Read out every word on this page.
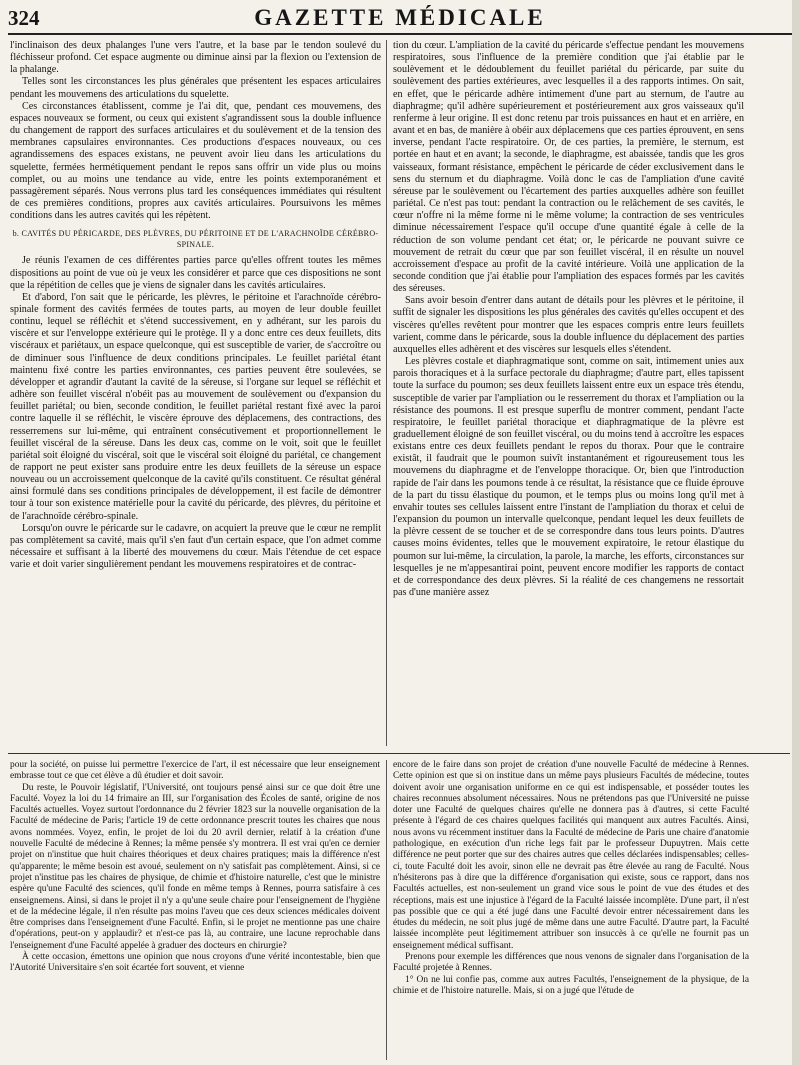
324	GAZETTE MÉDICALE

l'inclinaison des deux phalanges l'une vers l'autre, et la base par le tendon soulevé du fléchisseur profond. Cet espace augmente ou diminue ainsi par la flexion ou l'extension de la phalange.

Telles sont les circonstances les plus générales que présentent les espaces articulaires pendant les mouvemens des articulations du squelette.

Ces circonstances établissent, comme je l'ai dit, que, pendant ces mouvemens, des espaces nouveaux se forment, ou ceux qui existent s'agrandissent sous la double influence du changement de rapport des surfaces articulaires et du soulèvement et de la tension des membranes capsulaires environnantes. Ces productions d'espaces nouveaux, ou ces agrandissemens des espaces existans, ne peuvent avoir lieu dans les articulations du squelette, fermées hermétiquement pendant le repos sans offrir un vide plus ou moins complet, ou au moins une tendance au vide, entre les points extemporanément et passagèrement séparés. Nous verrons plus tard les conséquences immédiates qui résultent de ces premières conditions, propres aux cavités articulaires. Poursuivons les mêmes conditions dans les autres cavités qui les répètent.

b. CAVITÉS DU PÉRICARDE, DES PLÈVRES, DU PÉRITOINE ET DE L'ARACHNOÏDE CÉRÉBRO-SPINALE.

Je réunis l'examen de ces différentes parties parce qu'elles offrent toutes les mêmes dispositions au point de vue où je veux les considérer et parce que ces dispositions ne sont que la répétition de celles que je viens de signaler dans les cavités articulaires.

Et d'abord, l'on sait que le péricarde, les plèvres, le péritoine et l'arachnoïde cérébro-spinale forment des cavités fermées de toutes parts, au moyen de leur double feuillet continu, lequel se réfléchit et s'étend successivement, en y adhérant, sur les parois du viscère et sur l'enveloppe extérieure qui le protège. Il y a donc entre ces deux feuillets, dits viscéraux et pariétaux, un espace quelconque, qui est susceptible de varier, de s'accroître ou de diminuer sous l'influence de deux conditions principales. Le feuillet pariétal étant maintenu fixé contre les parties environnantes, ces parties peuvent être soulevées, se développer et agrandir d'autant la cavité de la séreuse, si l'organe sur lequel se réfléchit et adhère son feuillet viscéral n'obéit pas au mouvement de soulèvement ou d'expansion du feuillet pariétal; ou bien, seconde condition, le feuillet pariétal restant fixé avec la paroi contre laquelle il se réfléchit, le viscère éprouve des déplacemens, des contractions, des resserremens sur lui-même, qui entraînent consécutivement et proportionnellement le feuillet viscéral de la séreuse. Dans les deux cas, comme on le voit, soit que le feuillet pariétal soit éloigné du viscéral, soit que le viscéral soit éloigné du pariétal, ce changement de rapport ne peut exister sans produire entre les deux feuillets de la séreuse un espace nouveau ou un accroissement quelconque de la cavité qu'ils constituent. Ce résultat général ainsi formulé dans ses conditions principales de développement, il est facile de démontrer tour à tour son existence matérielle pour la cavité du péricarde, des plèvres, du péritoine et de l'arachnoïde cérébro-spinale.

Lorsqu'on ouvre le péricarde sur le cadavre, on acquiert la preuve que le cœur ne remplit pas complètement sa cavité, mais qu'il s'en faut d'un certain espace, que l'on admet comme nécessaire et suffisant à la liberté des mouvemens du cœur. Mais l'étendue de cet espace varie et doit varier singulièrement pendant les mouvemens respiratoires et de contrac-

tion du cœur. L'ampliation de la cavité du péricarde s'effectue pendant les mouvemens respiratoires, sous l'influence de la première condition que j'ai établie par le soulèvement et le dédoublement du feuillet pariétal du péricarde, par suite du soulèvement des parties extérieures, avec lesquelles il a des rapports intimes. On sait, en effet, que le péricarde adhère intimement d'une part au sternum, de l'autre au diaphragme; qu'il adhère supérieurement et postérieurement aux gros vaisseaux qu'il renferme à leur origine. Il est donc retenu par trois puissances en haut et en arrière, en avant et en bas, de manière à obéir aux déplacemens que ces parties éprouvent, en sens inverse, pendant l'acte respiratoire. Or, de ces parties, la première, le sternum, est portée en haut et en avant; la seconde, le diaphragme, est abaissée, tandis que les gros vaisseaux, formant résistance, empêchent le péricarde de céder exclusivement dans le sens du sternum et du diaphragme. Voilà donc le cas de l'ampliation d'une cavité séreuse par le soulèvement ou l'écartement des parties auxquelles adhère son feuillet pariétal. Ce n'est pas tout: pendant la contraction ou le relâchement de ses cavités, le cœur n'offre ni la même forme ni le même volume; la contraction de ses ventricules diminue nécessairement l'espace qu'il occupe d'une quantité égale à celle de la réduction de son volume pendant cet état; or, le péricarde ne pouvant suivre ce mouvement de retrait du cœur que par son feuillet viscéral, il en résulte un nouvel accroissement d'espace au profit de la cavité intérieure. Voilà une application de la seconde condition que j'ai établie pour l'ampliation des espaces formés par les cavités des séreuses.

Sans avoir besoin d'entrer dans autant de détails pour les plèvres et le péritoine, il suffit de signaler les dispositions les plus générales des cavités qu'elles occupent et des viscères qu'elles revêtent pour montrer que les espaces compris entre leurs feuillets varient, comme dans le péricarde, sous la double influence du déplacement des parties auxquelles elles adhèrent et des viscères sur lesquels elles s'étendent.

Les plèvres costale et diaphragmatique sont, comme on sait, intimement unies aux parois thoraciques et à la surface pectorale du diaphragme; d'autre part, elles tapissent toute la surface du poumon; ses deux feuillets laissent entre eux un espace très étendu, susceptible de varier par l'ampliation ou le resserrement du thorax et l'ampliation ou la résistance des poumons. Il est presque superflu de montrer comment, pendant l'acte respiratoire, le feuillet pariétal thoracique et diaphragmatique de la plèvre est graduellement éloigné de son feuillet viscéral, ou du moins tend à accroître les espaces existans entre ces deux feuillets pendant le repos du thorax. Pour que le contraire existât, il faudrait que le poumon suivît instantanément et rigoureusement tous les mouvemens du diaphragme et de l'enveloppe thoracique. Or, bien que l'introduction rapide de l'air dans les poumons tende à ce résultat, la résistance que ce fluide éprouve de la part du tissu élastique du poumon, et le temps plus ou moins long qu'il met à envahir toutes ses cellules laissent entre l'instant de l'ampliation du thorax et celui de l'expansion du poumon un intervalle quelconque, pendant lequel les deux feuillets de la plèvre cessent de se toucher et de se correspondre dans tous leurs points. D'autres causes moins évidentes, telles que le mouvement expiratoire, le retour élastique du poumon sur lui-même, la circulation, la parole, la marche, les efforts, circonstances sur lesquelles je ne m'appesantirai point, peuvent encore modifier les rapports de contact et de correspondance des deux plèvres. Si la réalité de ces changemens ne ressortait pas d'une manière assez

pour la société, on puisse lui permettre l'exercice de l'art, il est nécessaire que leur enseignement embrasse tout ce que cet élève a dû étudier et doit savoir.

Du reste, le Pouvoir législatif, l'Université, ont toujours pensé ainsi sur ce que doit être une Faculté. Voyez la loi du 14 frimaire an III, sur l'organisation des Écoles de santé, origine de nos Facultés actuelles. Voyez surtout l'ordonnance du 2 février 1823 sur la nouvelle organisation de la Faculté de médecine de Paris; l'article 19 de cette ordonnance prescrit toutes les chaires que nous avons nommées. Voyez, enfin, le projet de loi du 20 avril dernier, relatif à la création d'une nouvelle Faculté de médecine à Rennes; la même pensée s'y montrera. Il est vrai qu'en ce dernier projet on n'institue que huit chaires théoriques et deux chaires pratiques; mais la différence n'est qu'apparente; le même besoin est avoué, seulement on n'y satisfait pas complètement. Ainsi, si ce projet n'institue pas les chaires de physique, de chimie et d'histoire naturelle, c'est que le ministre espère qu'une Faculté des sciences, qu'il fonde en même temps à Rennes, pourra satisfaire à ces enseignemens. Ainsi, si dans le projet il n'y a qu'une seule chaire pour l'enseignement de l'hygiène et de la médecine légale, il n'en résulte pas moins l'aveu que ces deux sciences médicales doivent être comprises dans l'enseignement d'une Faculté. Enfin, si le projet ne mentionne pas une chaire d'opérations, peut-on y applaudir? et n'est-ce pas là, au contraire, une lacune reprochable dans l'enseignement d'une Faculté appelée à graduer des docteurs en chirurgie?

À cette occasion, émettons une opinion que nous croyons d'une vérité incontestable, bien que l'Autorité Universitaire s'en soit écartée fort souvent, et vienne

encore de le faire dans son projet de création d'une nouvelle Faculté de médecine à Rennes. Cette opinion est que si on institue dans un même pays plusieurs Facultés de médecine, toutes doivent avoir une organisation uniforme en ce qui est indispensable, et posséder toutes les chaires reconnues absolument nécessaires. Nous ne prétendons pas que l'Université ne puisse doter une Faculté de quelques chaires qu'elle ne donnera pas à d'autres, si cette Faculté présente à l'égard de ces chaires quelques facilités qui manquent aux autres Facultés. Ainsi, nous avons vu récemment instituer dans la Faculté de médecine de Paris une chaire d'anatomie pathologique, en exécution d'un riche legs fait par le professeur Dupuytren. Mais cette différence ne peut porter que sur des chaires autres que celles déclarées indispensables; celles-ci, toute Faculté doit les avoir, sinon elle ne devrait pas être élevée au rang de Faculté. Nous n'hésiterons pas à dire que la différence d'organisation qui existe, sous ce rapport, dans nos Facultés actuelles, est non-seulement un grand vice sous le point de vue des études et des réceptions, mais est une injustice à l'égard de la Faculté laissée incomplète. D'une part, il n'est pas possible que ce qui a été jugé dans une Faculté devoir entrer nécessairement dans les études du médecin, ne soit plus jugé de même dans une autre Faculté. D'autre part, la Faculté laissée incomplète peut légitimement attribuer son insuccès à ce qu'elle ne fournit pas un enseignement médical suffisant.

Prenons pour exemple les différences que nous venons de signaler dans l'organisation de la Faculté projetée à Rennes.

1° On ne lui confie pas, comme aux autres Facultés, l'enseignement de la physique, de la chimie et de l'histoire naturelle. Mais, si on a jugé que l'étude de
